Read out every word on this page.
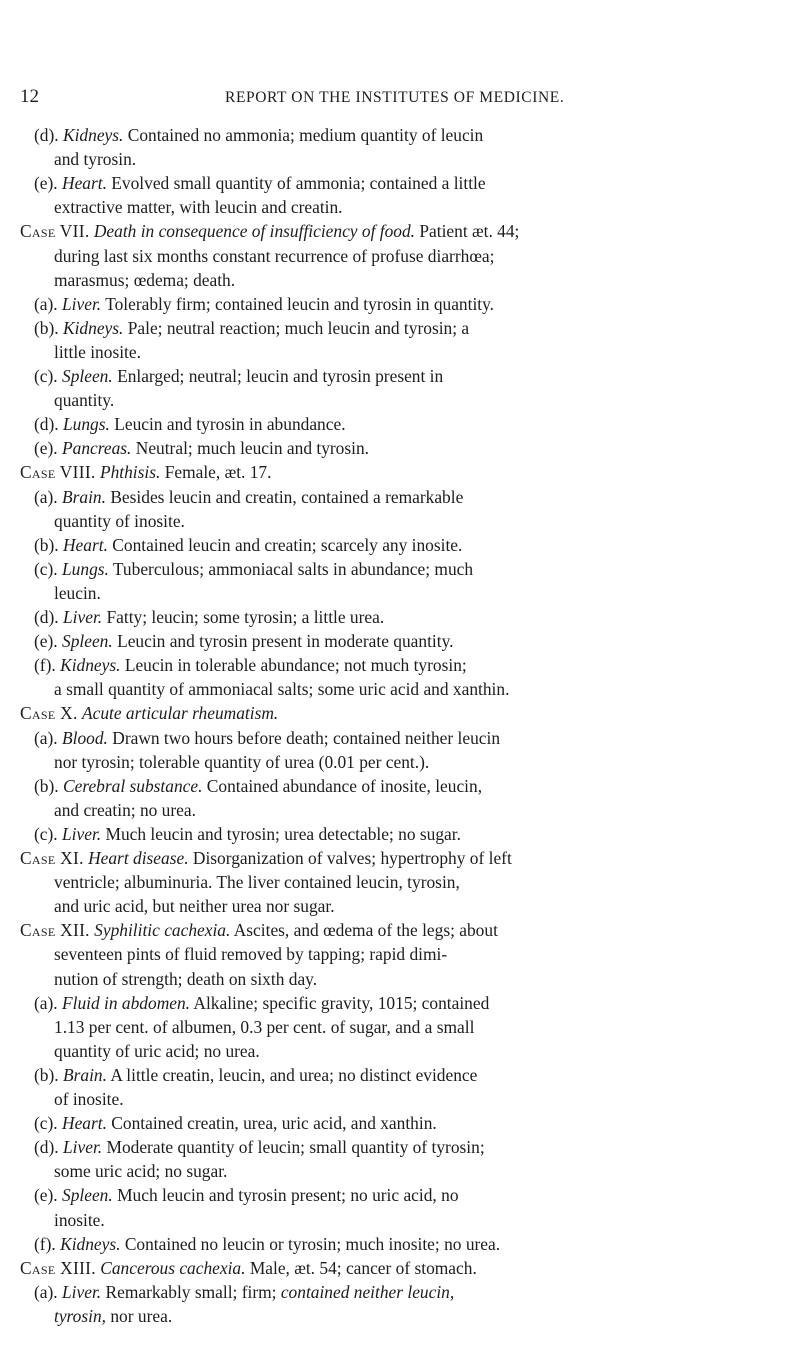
12	REPORT ON THE INSTITUTES OF MEDICINE.
(d). Kidneys. Contained no ammonia; medium quantity of leucin
and tyrosin.
(e). Heart. Evolved small quantity of ammonia; contained a little
extractive matter, with leucin and creatin.
Case VII. Death in consequence of insufficiency of food. Patient æt. 44;
during last six months constant recurrence of profuse diarrhœa;
marasmus; œdema; death.
(a). Liver. Tolerably firm; contained leucin and tyrosin in quantity.
(b). Kidneys. Pale; neutral reaction; much leucin and tyrosin; a
little inosite.
(c). Spleen. Enlarged; neutral; leucin and tyrosin present in
quantity.
(d). Lungs. Leucin and tyrosin in abundance.
(e). Pancreas. Neutral; much leucin and tyrosin.
Case VIII. Phthisis. Female, æt. 17.
(a). Brain. Besides leucin and creatin, contained a remarkable
quantity of inosite.
(b). Heart. Contained leucin and creatin; scarcely any inosite.
(c). Lungs. Tuberculous; ammoniacal salts in abundance; much
leucin.
(d). Liver. Fatty; leucin; some tyrosin; a little urea.
(e). Spleen. Leucin and tyrosin present in moderate quantity.
(f). Kidneys. Leucin in tolerable abundance; not much tyrosin;
a small quantity of ammoniacal salts; some uric acid and xanthin.
Case X. Acute articular rheumatism.
(a). Blood. Drawn two hours before death; contained neither leucin
nor tyrosin; tolerable quantity of urea (0.01 per cent.).
(b). Cerebral substance. Contained abundance of inosite, leucin,
and creatin; no urea.
(c). Liver. Much leucin and tyrosin; urea detectable; no sugar.
Case XI. Heart disease. Disorganization of valves; hypertrophy of left
ventricle; albuminuria. The liver contained leucin, tyrosin,
and uric acid, but neither urea nor sugar.
Case XII. Syphilitic cachexia. Ascites, and œdema of the legs; about
seventeen pints of fluid removed by tapping; rapid dimi-
nution of strength; death on sixth day.
(a). Fluid in abdomen. Alkaline; specific gravity, 1015; contained
1.13 per cent. of albumen, 0.3 per cent. of sugar, and a small
quantity of uric acid; no urea.
(b). Brain. A little creatin, leucin, and urea; no distinct evidence
of inosite.
(c). Heart. Contained creatin, urea, uric acid, and xanthin.
(d). Liver. Moderate quantity of leucin; small quantity of tyrosin;
some uric acid; no sugar.
(e). Spleen. Much leucin and tyrosin present; no uric acid, no
inosite.
(f). Kidneys. Contained no leucin or tyrosin; much inosite; no urea.
Case XIII. Cancerous cachexia. Male, æt. 54; cancer of stomach.
(a). Liver. Remarkably small; firm; contained neither leucin,
tyrosin, nor urea.
